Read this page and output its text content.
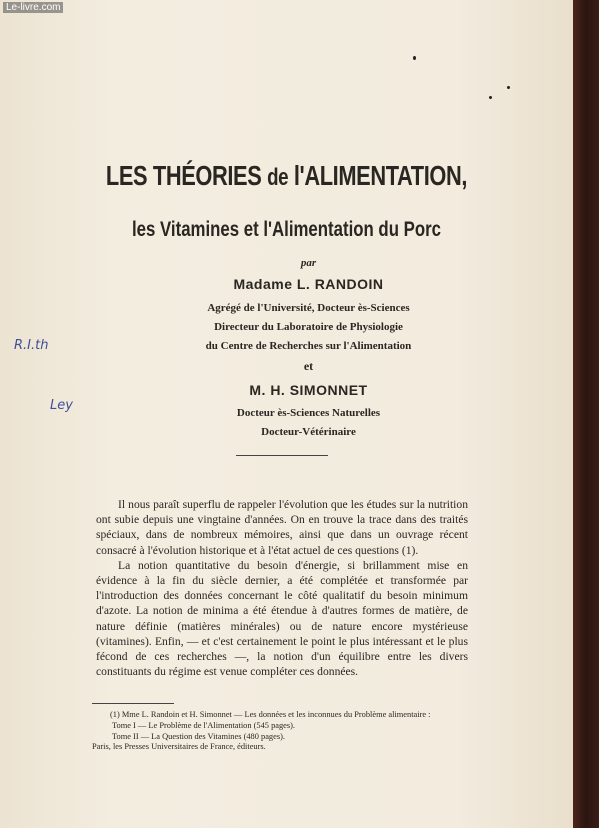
Le-livre.com
LES THÉORIES de l'ALIMENTATION,
les Vitamines et l'Alimentation du Porc
par
Madame L. RANDOIN
Agrégé de l'Université, Docteur ès-Sciences
Directeur du Laboratoire de Physiologie
du Centre de Recherches sur l'Alimentation
et
M. H. SIMONNET
Docteur ès-Sciences Naturelles
Docteur-Vétérinaire

Il nous paraît superflu de rappeler l'évolution que les études sur la nutrition ont subie depuis une vingtaine d'années. On en trouve la trace dans des traités spéciaux, dans de nombreux mémoires, ainsi que dans un ouvrage récent consacré à l'évolution historique et à l'état actuel de ces questions (1).

La notion quantitative du besoin d'énergie, si brillamment mise en évidence à la fin du siècle dernier, a été complétée et transformée par l'introduction des données concernant le côté qualitatif du besoin minimum d'azote. La notion de minima a été étendue à d'autres formes de matière, de nature définie (matières minérales) ou de nature encore mystérieuse (vitamines). Enfin, — et c'est certainement le point le plus intéressant et le plus fécond de ces recherches —, la notion d'un équilibre entre les divers constituants du régime est venue compléter ces données.

(1) Mme L. Randoin et H. Simonnet — Les données et les inconnues du Problème alimentaire :
Tome I — Le Problème de l'Alimentation (545 pages).
Tome II — La Question des Vitamines (480 pages).
Paris, les Presses Universitaires de France, éditeurs.
R.I.th
Ley
